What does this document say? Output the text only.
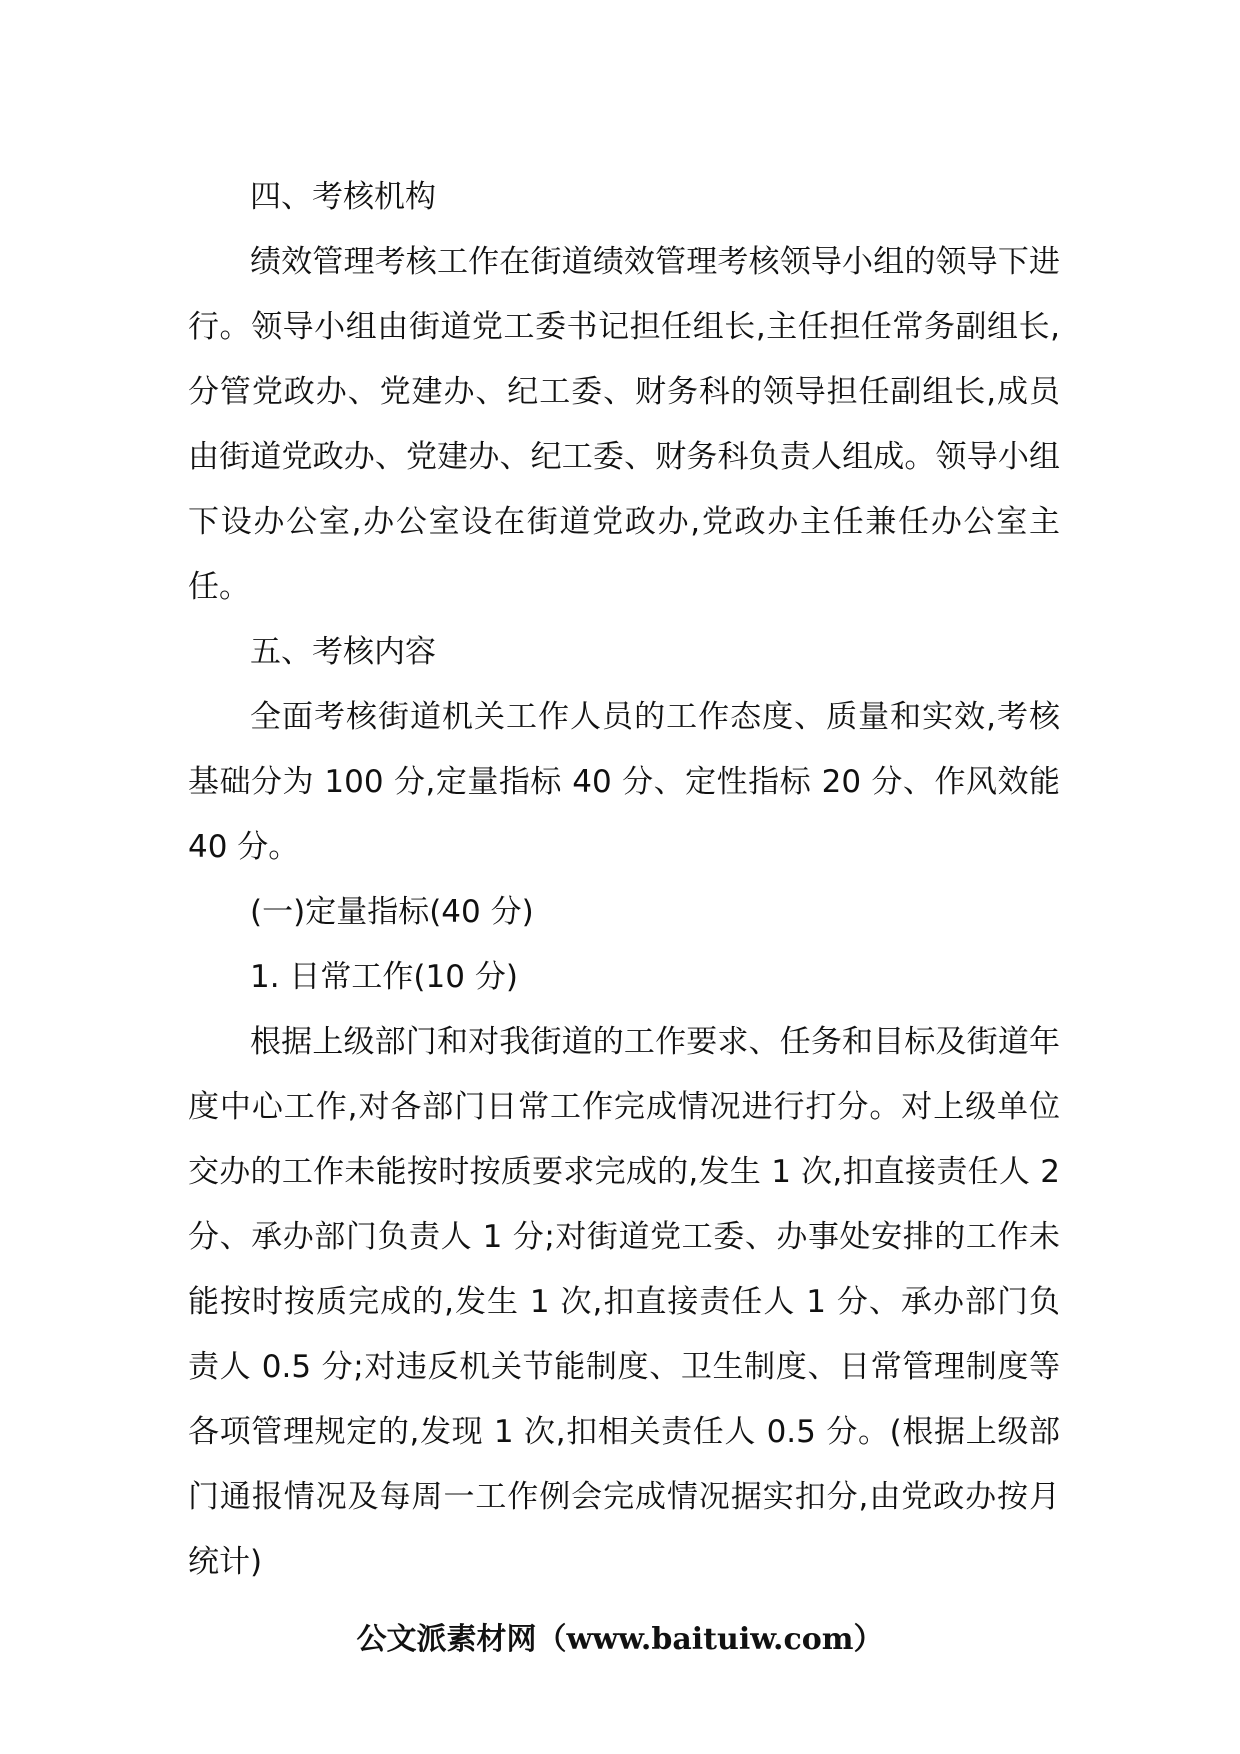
四、考核机构

绩效管理考核工作在街道绩效管理考核领导小组的领导下进行。领导小组由街道党工委书记担任组长,主任担任常务副组长,分管党政办、党建办、纪工委、财务科的领导担任副组长,成员由街道党政办、党建办、纪工委、财务科负责人组成。领导小组下设办公室,办公室设在街道党政办,党政办主任兼任办公室主任。

五、考核内容

全面考核街道机关工作人员的工作态度、质量和实效,考核基础分为 100 分,定量指标 40 分、定性指标 20 分、作风效能 40 分。

(一)定量指标(40 分)

1. 日常工作(10 分)

根据上级部门和对我街道的工作要求、任务和目标及街道年度中心工作,对各部门日常工作完成情况进行打分。对上级单位交办的工作未能按时按质要求完成的,发生 1 次,扣直接责任人 2 分、承办部门负责人 1 分;对街道党工委、办事处安排的工作未能按时按质完成的,发生 1 次,扣直接责任人 1 分、承办部门负责人 0.5 分;对违反机关节能制度、卫生制度、日常管理制度等各项管理规定的,发现 1 次,扣相关责任人 0.5 分。(根据上级部门通报情况及每周一工作例会完成情况据实扣分,由党政办按月统计)

公文派素材网（www.baituiw.com）
